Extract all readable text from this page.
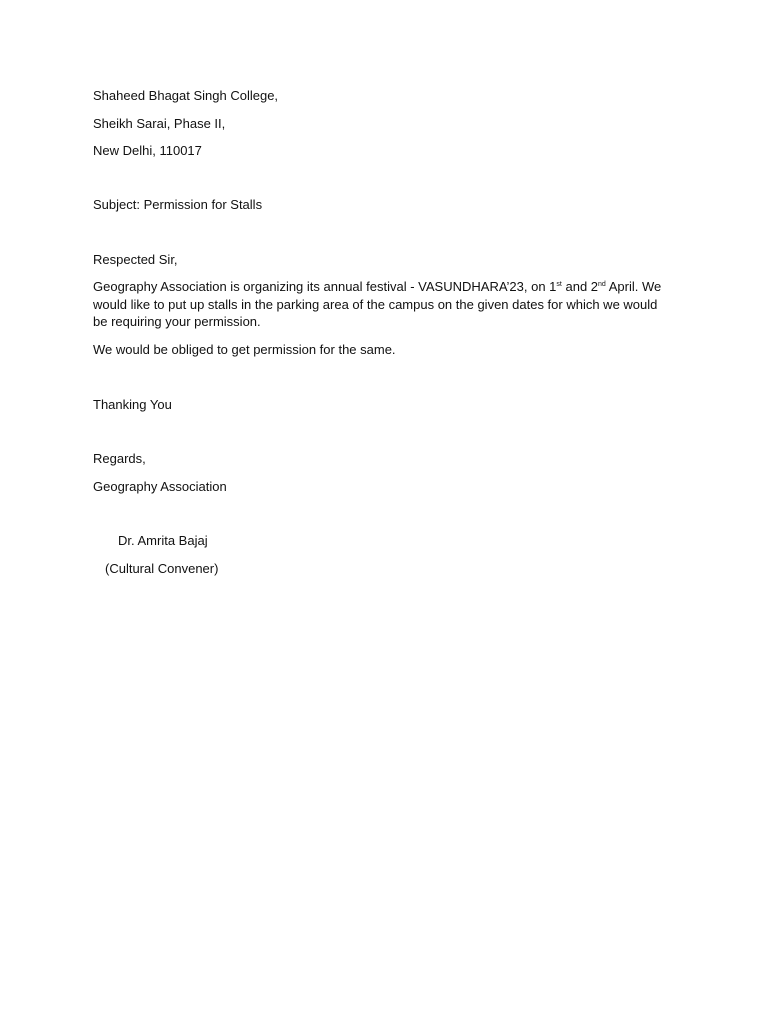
Shaheed Bhagat Singh College,
Sheikh Sarai, Phase II,
New Delhi, 110017
Subject: Permission for Stalls
Respected Sir,
Geography Association is organizing its annual festival - VASUNDHARA’23, on 1st and 2nd April. We would like to put up stalls in the parking area of the campus on the given dates for which we would be requiring your permission.
We would be obliged to get permission for the same.
Thanking You
Regards,
Geography Association
Dr. Amrita Bajaj
(Cultural Convener)
